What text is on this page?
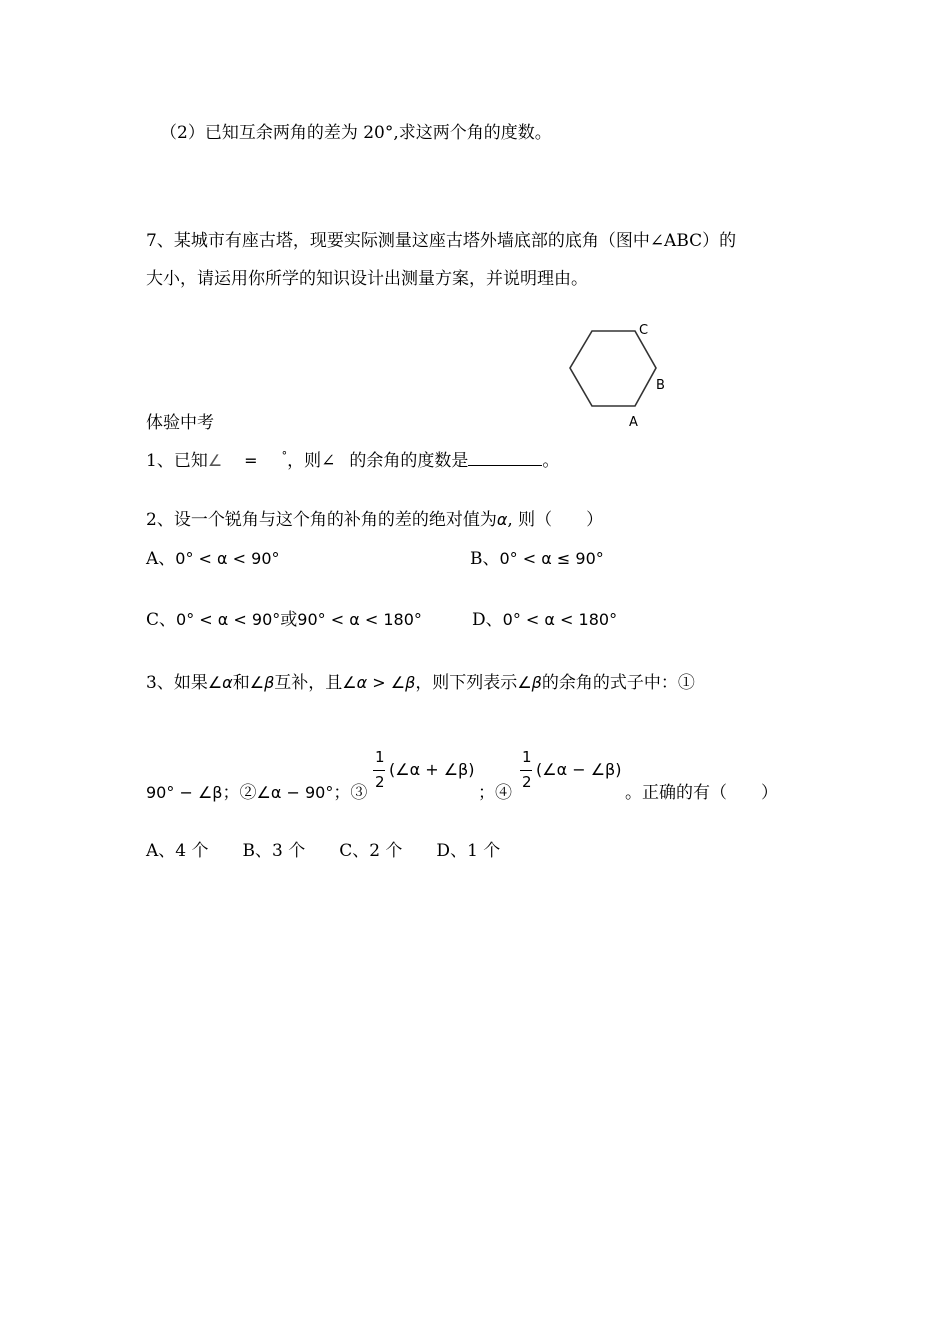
（2）已知互余两角的差为 20°,求这两个角的度数。
7、某城市有座古塔，现要实际测量这座古塔外墙底部的底角（图中∠ABC）的
大小，请运用你所学的知识设计出测量方案，并说明理由。
C
B
A
体验中考
1、已知∠ = °，则∠ 的余角的度数是	。
2、设一个锐角与这个角的补角的差的绝对值为α, 则（　　）
A、0° < α < 90°	B、0° < α ≤ 90°
C、0° < α < 90°或90° < α < 180°	D、0° < α < 180°
3、如果∠α和∠β互补，且∠α > ∠β，则下列表示∠β的余角的式子中：①
90° − ∠β；②∠α − 90°；③
1
2
(∠α + ∠β)
；④
1
2
(∠α − ∠β)
。正确的有（　　）
A、4 个　　B、3 个　　C、2 个　　D、1 个
